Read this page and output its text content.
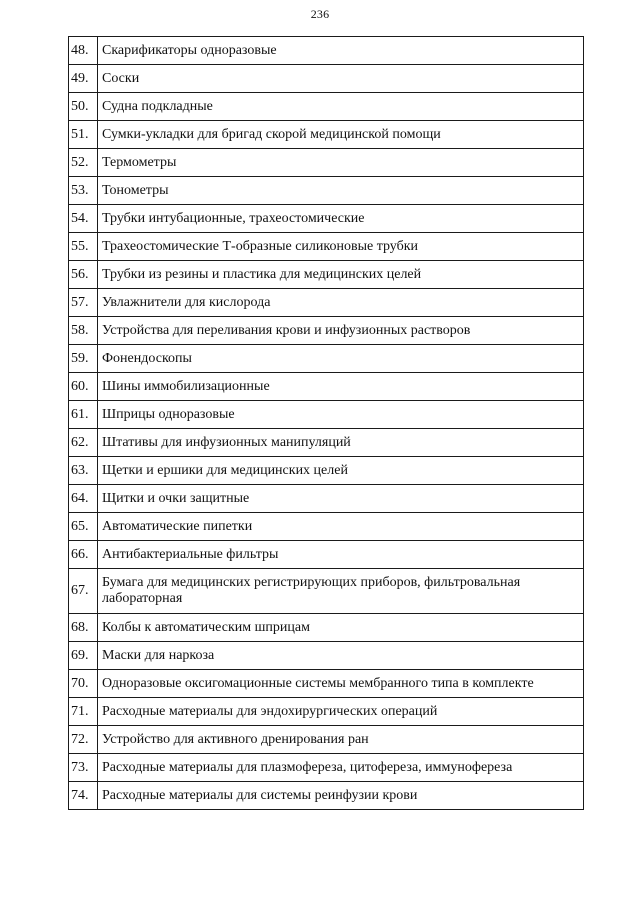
236
48.	Скарификаторы одноразовые
49.	Соски
50.	Судна подкладные
51.	Сумки-укладки для бригад скорой медицинской помощи
52.	Термометры
53.	Тонометры
54.	Трубки интубационные, трахеостомические
55.	Трахеостомические Т-образные силиконовые трубки
56.	Трубки из резины и пластика для медицинских целей
57.	Увлажнители для кислорода
58.	Устройства для переливания крови и инфузионных растворов
59.	Фонендоскопы
60.	Шины иммобилизационные
61.	Шприцы одноразовые
62.	Штативы для инфузионных манипуляций
63.	Щетки и ершики для медицинских целей
64.	Щитки и очки защитные
65.	Автоматические пипетки
66.	Антибактериальные фильтры
67.	Бумага для медицинских регистрирующих приборов, фильтровальная лабораторная
68.	Колбы к автоматическим шприцам
69.	Маски для наркоза
70.	Одноразовые оксигомационные системы мембранного типа в комплекте
71.	Расходные материалы для эндохирургических операций
72.	Устройство для активного дренирования ран
73.	Расходные материалы для плазмофереза, цитофереза, иммунофереза
74.	Расходные материалы для системы реинфузии крови
